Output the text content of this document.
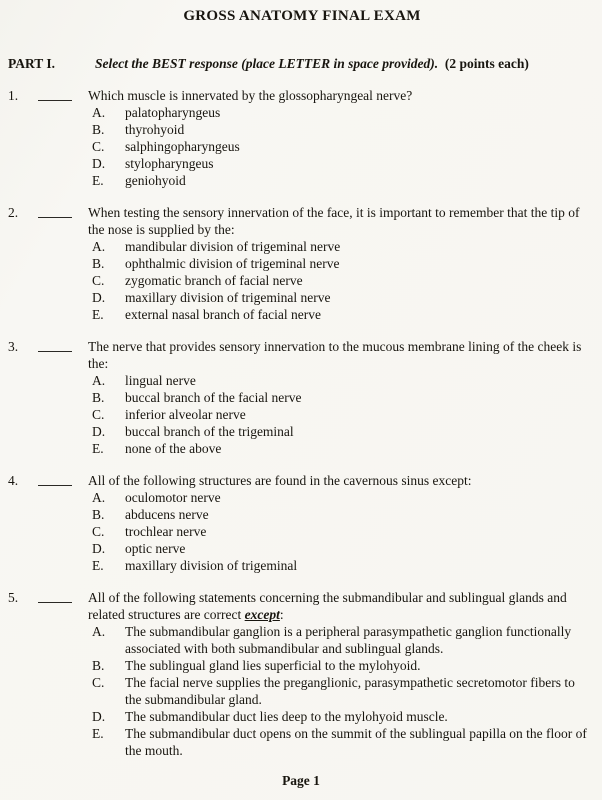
GROSS ANATOMY FINAL EXAM
PART I.	Select the BEST response (place LETTER in space provided). (2 points each)
1.	Which muscle is innervated by the glossopharyngeal nerve?
A.	palatopharyngeus
B.	thyrohyoid
C.	salphingopharyngeus
D.	stylopharyngeus
E.	geniohyoid
2.	When testing the sensory innervation of the face, it is important to remember that the tip of the nose is supplied by the:
A.	mandibular division of trigeminal nerve
B.	ophthalmic division of trigeminal nerve
C.	zygomatic branch of facial nerve
D.	maxillary division of trigeminal nerve
E.	external nasal branch of facial nerve
3.	The nerve that provides sensory innervation to the mucous membrane lining of the cheek is the:
A.	lingual nerve
B.	buccal branch of the facial nerve
C.	inferior alveolar nerve
D.	buccal branch of the trigeminal
E.	none of the above
4.	All of the following structures are found in the cavernous sinus except:
A.	oculomotor nerve
B.	abducens nerve
C.	trochlear nerve
D.	optic nerve
E.	maxillary division of trigeminal
5.	All of the following statements concerning the submandibular and sublingual glands and related structures are correct except:
A.	The submandibular ganglion is a peripheral parasympathetic ganglion functionally associated with both submandibular and sublingual glands.
B.	The sublingual gland lies superficial to the mylohyoid.
C.	The facial nerve supplies the preganglionic, parasympathetic secretomotor fibers to the submandibular gland.
D.	The submandibular duct lies deep to the mylohyoid muscle.
E.	The submandibular duct opens on the summit of the sublingual papilla on the floor of the mouth.
Page 1
